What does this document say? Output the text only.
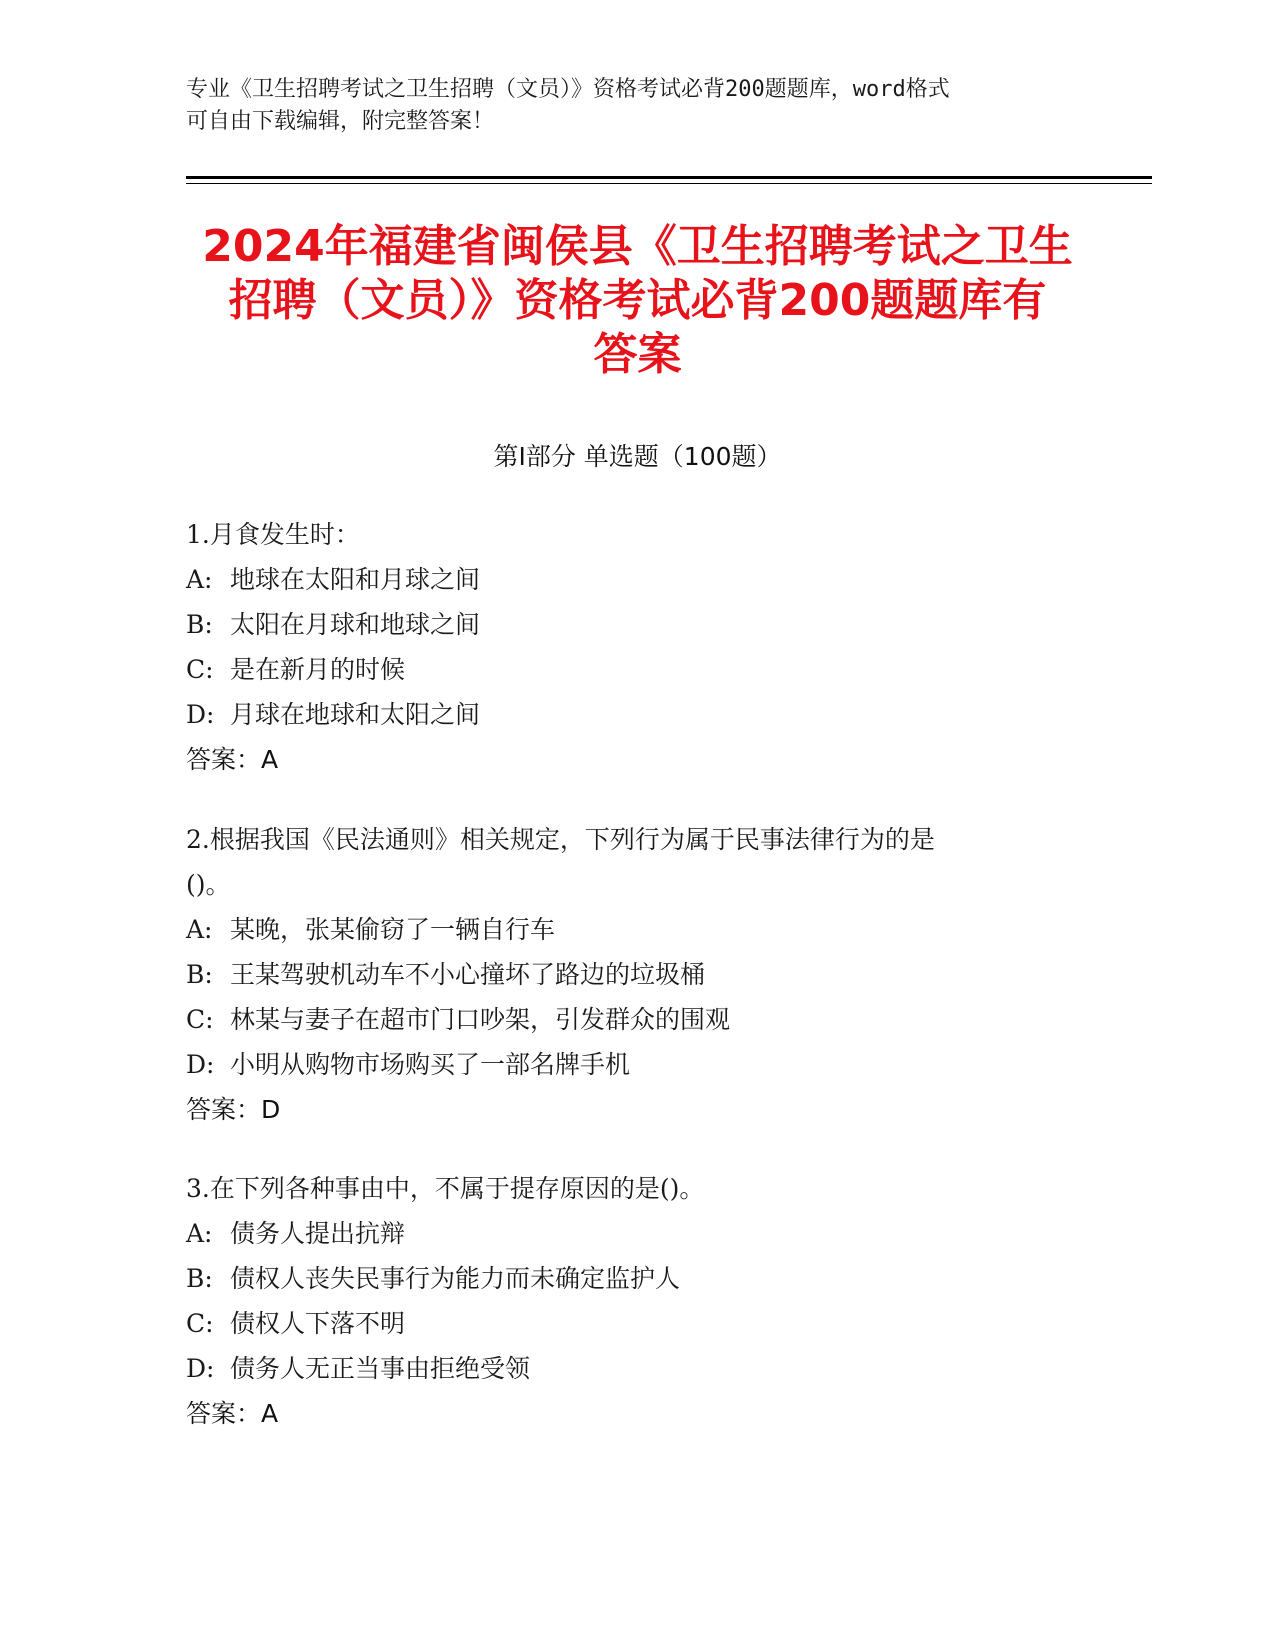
专业《卫生招聘考试之卫生招聘（文员）》资格考试必背200题题库，word格式
可自由下载编辑，附完整答案！
2024年福建省闽侯县《卫生招聘考试之卫生
招聘（文员）》资格考试必背200题题库有
答案
第I部分 单选题（100题）
1.月食发生时：
A: 地球在太阳和月球之间
B: 太阳在月球和地球之间
C: 是在新月的时候
D: 月球在地球和太阳之间
答案：A
2.根据我国《民法通则》相关规定，下列行为属于民事法律行为的是
()。
A: 某晚，张某偷窃了一辆自行车
B: 王某驾驶机动车不小心撞坏了路边的垃圾桶
C: 林某与妻子在超市门口吵架，引发群众的围观
D: 小明从购物市场购买了一部名牌手机
答案：D
3.在下列各种事由中，不属于提存原因的是()。
A: 债务人提出抗辩
B: 债权人丧失民事行为能力而未确定监护人
C: 债权人下落不明
D: 债务人无正当事由拒绝受领
答案：A
